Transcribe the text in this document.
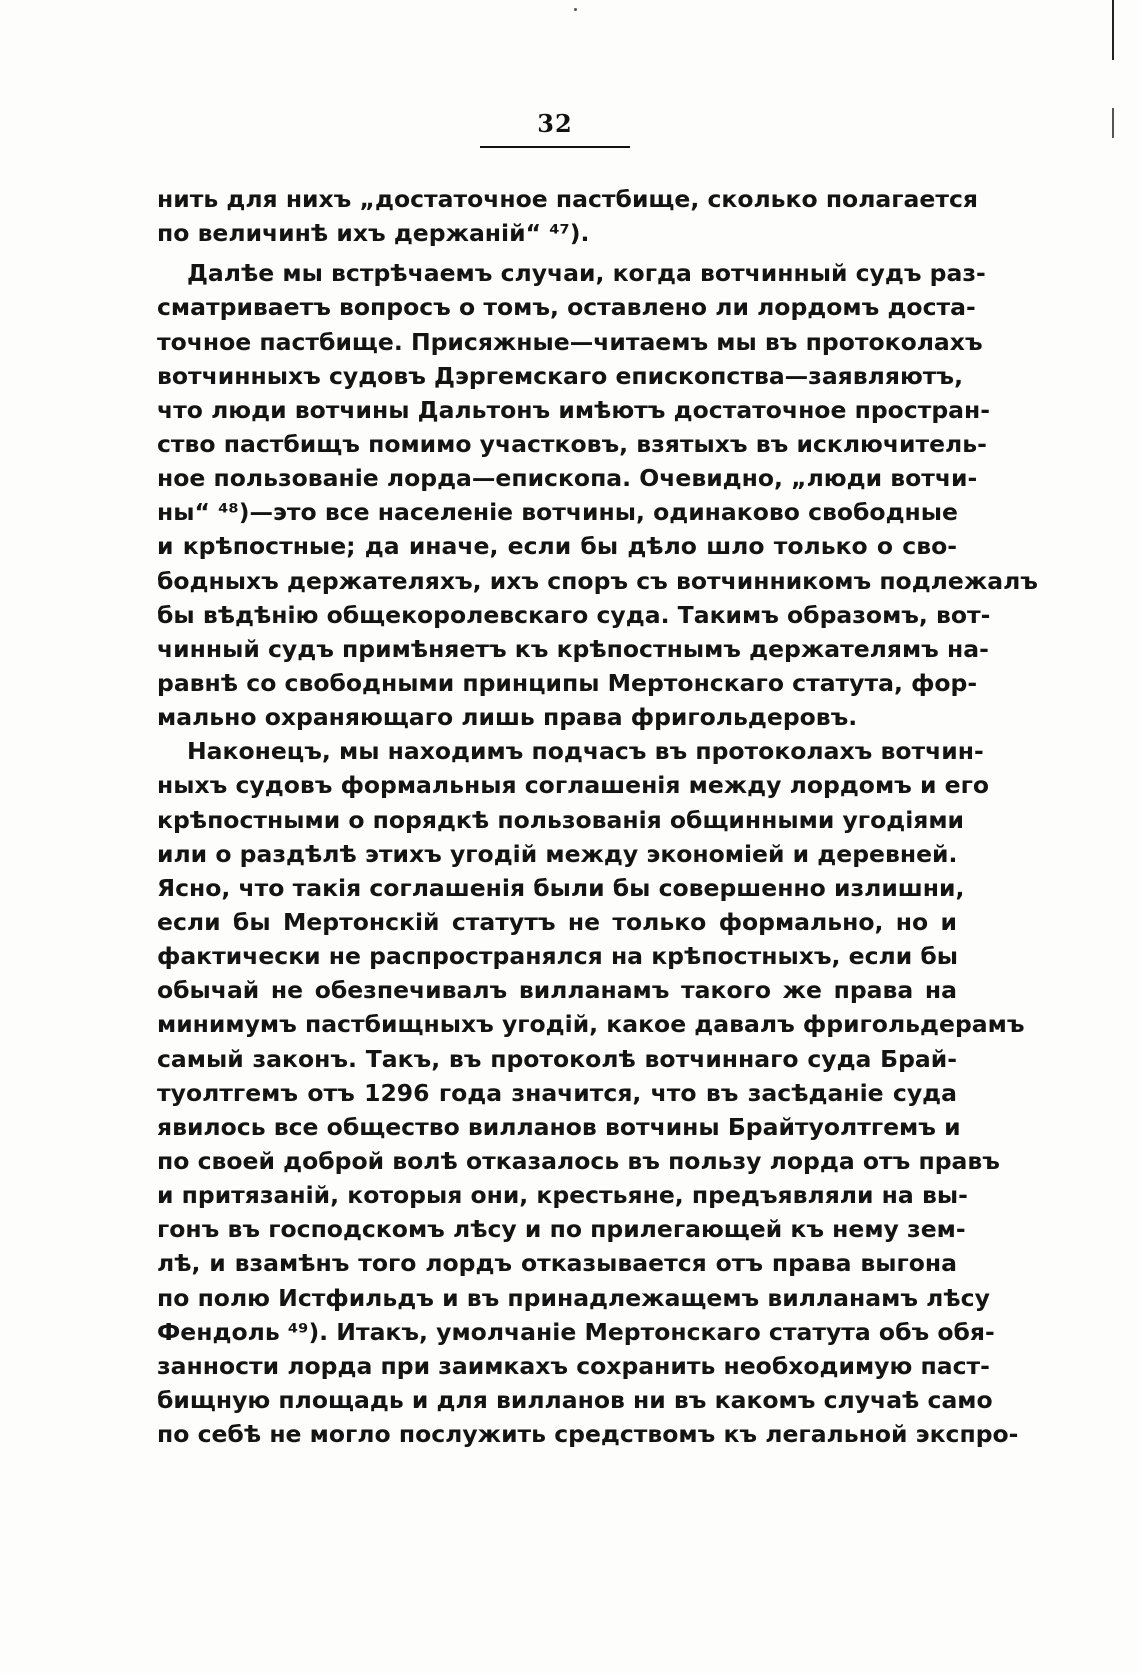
32
нить для нихъ „достаточное пастбище, сколько полагается
по величинѣ ихъ держаній“ ⁴⁷).
Далѣе мы встрѣчаемъ случаи, когда вотчинный судъ раз-
сматриваетъ вопросъ о томъ, оставлено ли лордомъ доста-
точное пастбище. Присяжные—читаемъ мы въ протоколахъ
вотчинныхъ судовъ Дэргемскаго епископства—заявляютъ,
что люди вотчины Дальтонъ имѣютъ достаточное простран-
ство пастбищъ помимо участковъ, взятыхъ въ исключитель-
ное пользованіе лорда—епископа. Очевидно, „люди вотчи-
ны“ ⁴⁸)—это все населеніе вотчины, одинаково свободные
и крѣпостные; да иначе, если бы дѣло шло только о сво-
бодныхъ держателяхъ, ихъ споръ съ вотчинникомъ подлежалъ
бы вѣдѣнію общекоролевскаго суда. Такимъ образомъ, вот-
чинный судъ примѣняетъ къ крѣпостнымъ держателямъ на-
равнѣ со свободными принципы Мертонскаго статута, фор-
мально охраняющаго лишь права фригольдеровъ.
Наконецъ, мы находимъ подчасъ въ протоколахъ вотчин-
ныхъ судовъ формальныя соглашенія между лордомъ и его
крѣпостными о порядкѣ пользованія общинными угодіями
или о раздѣлѣ этихъ угодій между экономіей и деревней.
Ясно, что такія соглашенія были бы совершенно излишни,
если бы Мертонскій статутъ не только формально, но и
фактически не распространялся на крѣпостныхъ, если бы
обычай не обезпечивалъ вилланамъ такого же права на
минимумъ пастбищныхъ угодій, какое давалъ фригольдерамъ
самый законъ. Такъ, въ протоколѣ вотчиннаго суда Брай-
туолтгемъ отъ 1296 года значится, что въ засѣданіе суда
явилось все общество вилланов вотчины Брайтуолтгемъ и
по своей доброй волѣ отказалось въ пользу лорда отъ правъ
и притязаній, которыя они, крестьяне, предъявляли на вы-
гонъ въ господскомъ лѣсу и по прилегающей къ нему зем-
лѣ, и взамѣнъ того лордъ отказывается отъ права выгона
по полю Истфильдъ и въ принадлежащемъ вилланамъ лѣсу
Фендоль ⁴⁹). Итакъ, умолчаніе Мертонскаго статута объ обя-
занности лорда при заимкахъ сохранить необходимую паст-
бищную площадь и для вилланов ни въ какомъ случаѣ само
по себѣ не могло послужить средствомъ къ легальной экспро-
